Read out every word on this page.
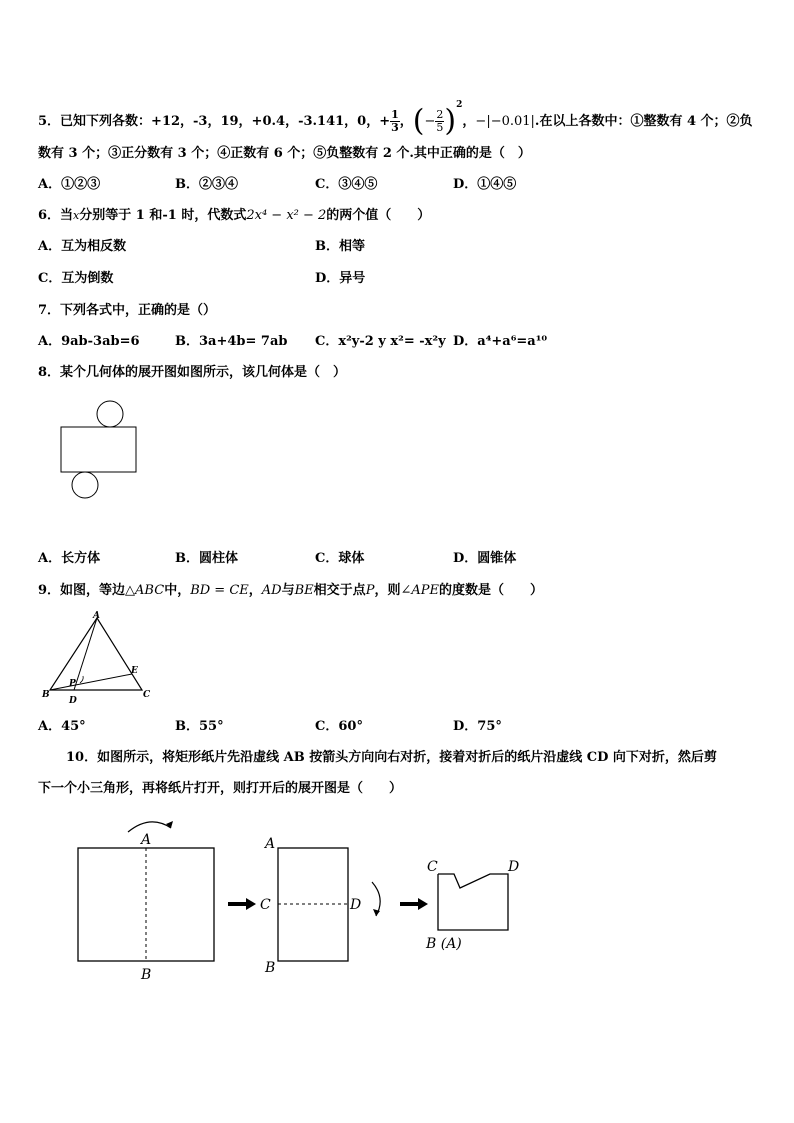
5．已知下列各数：+12，-3，19，+0.4，-3.141，0，+ $\frac{1}{3}$ ，(− $\frac{2}{5} )^2$，−|−0.01|.在以上各数中：①整数有 4 个；②负
数有 3 个；③正分数有 3 个；④正数有 6 个；⑤负整数有 2 个.其中正确的是（　）
A．①②③	B．②③④	C．③④⑤	D．①④⑤
6．当x分别等于 1 和-1 时，代数式2x⁴ − x² − 2的两个值（　　）
A．互为相反数	B．相等
C．互为倒数	D．异号
7．下列各式中，正确的是（）
A．9ab-3ab=6	B．3a+4b= 7ab C．x²y-2 y x²= -x²y D．a⁴+a⁶=a¹⁰
8．某个几何体的展开图如图所示，该几何体是（　）
A．长方体	B．圆柱体	C．球体	D．圆锥体
9．如图，等边△ABC中，BD = CE，AD与BE相交于点P，则∠APE的度数是（　　）
A
B	C
D
E
P
A．45°	B．55°	C．60°	D．75°
10．如图所示，将矩形纸片先沿虚线 AB 按箭头方向向右对折，接着对折后的纸片沿虚线 CD 向下对折，然后剪
下一个小三角形，再将纸片打开，则打开后的展开图是（　　）
A
B
A
C	D
B
C	D
B (A)
